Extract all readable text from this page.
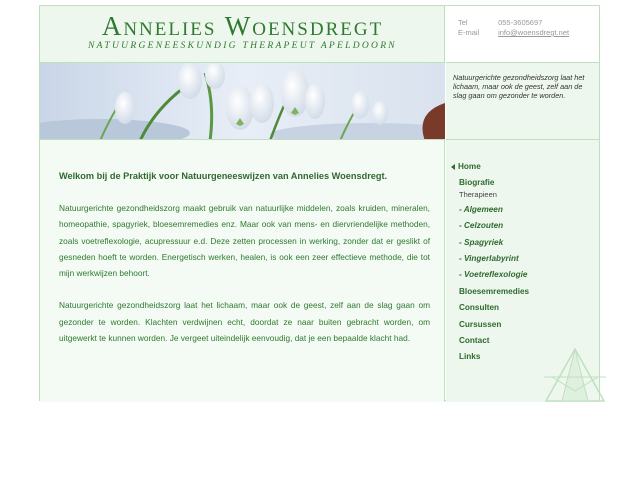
Annelies Woensdregt
NATUURGENEESKUNDIG THERAPEUT APELDOORN
Tel	055-3605697
E-mail	info@woensdregt.net
Natuurgerichte gezondheidszorg laat het lichaam, maar ook de geest, zelf aan de slag gaan om gezonder te worden.
Welkom bij de Praktijk voor Natuurgeneeswijzen van Annelies Woensdregt.

Natuurgerichte gezondheidszorg maakt gebruik van natuurlijke middelen, zoals kruiden, mineralen, homeopathie, spagyriek, bloesemremedies enz. Maar ook van mens- en diervriendelijke methoden, zoals voetreflexologie, acupressuur e.d. Deze zetten processen in werking, zonder dat er geslikt of gesneden hoeft te worden. Energetisch werken, healen, is ook een zeer effectieve methode, die tot mijn werkwijzen behoort.

Natuurgerichte gezondheidszorg laat het lichaam, maar ook de geest, zelf aan de slag gaan om gezonder te worden. Klachten verdwijnen echt, doordat ze naar buiten gebracht worden, om uitgewerkt te kunnen worden. Je vergeet uiteindelijk eenvoudig, dat je een bepaalde klacht had.

Home
Biografie
Therapieen
- Algemeen
- Celzouten
- Spagyriek
- Vingerlabyrint
- Voetreflexologie
Bloesemremedies
Consulten
Cursussen
Contact
Links
